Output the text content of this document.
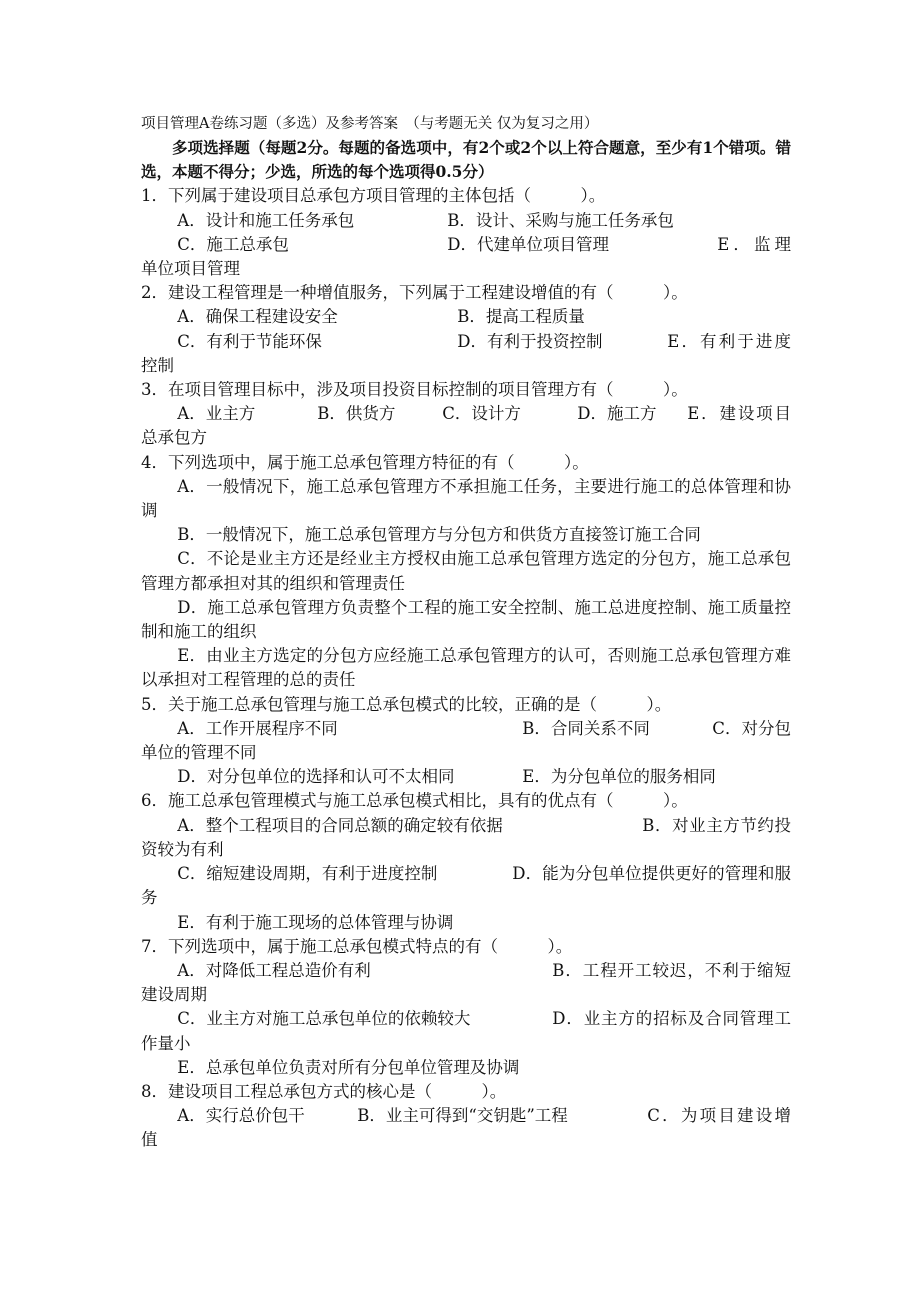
项目管理A卷练习题（多选）及参考答案　（与考题无关 仅为复习之用）

多项选择题（每题2分。每题的备选项中，有2个或2个以上符合题意，至少有1个错项。错选，本题不得分；少选，所选的每个选项得0.5分）

1．下列属于建设项目总承包方项目管理的主体包括（　　　）。

A．设计和施工任务承包	B．设计、采购与施工任务承包

C．施工总承包	D．代建单位项目管理	E．监理单位项目管理

2．建设工程管理是一种增值服务，下列属于工程建设增值的有（　　　）。

A．确保工程建设安全	B．提高工程质量

C．有利于节能环保	D．有利于投资控制	E．有利于进度控制

3．在项目管理目标中，涉及项目投资目标控制的项目管理方有（　　　）。

A．业主方	B．供货方	C．设计方	D．施工方 E．建设项目总承包方

4．下列选项中，属于施工总承包管理方特征的有（　　　）。

A．一般情况下，施工总承包管理方不承担施工任务，主要进行施工的总体管理和协调

B．一般情况下，施工总承包管理方与分包方和供货方直接签订施工合同

C．不论是业主方还是经业主方授权由施工总承包管理方选定的分包方，施工总承包管理方都承担对其的组织和管理责任

D．施工总承包管理方负责整个工程的施工安全控制、施工总进度控制、施工质量控制和施工的组织

E．由业主方选定的分包方应经施工总承包管理方的认可，否则施工总承包管理方难以承担对工程管理的总的责任

5．关于施工总承包管理与施工总承包模式的比较，正确的是（　　　）。

A．工作开展程序不同	B．合同关系不同	C．对分包单位的管理不同

D．对分包单位的选择和认可不太相同	E．为分包单位的服务相同

6．施工总承包管理模式与施工总承包模式相比，具有的优点有（　　　）。

A．整个工程项目的合同总额的确定较有依据	B．对业主方节约投资较为有利

C．缩短建设周期，有利于进度控制	D．能为分包单位提供更好的管理和服务

E．有利于施工现场的总体管理与协调

7．下列选项中，属于施工总承包模式特点的有（　　　）。

A．对降低工程总造价有利	B．工程开工较迟，不利于缩短建设周期

C．业主方对施工总承包单位的依赖较大	D．业主方的招标及合同管理工作量小

E．总承包单位负责对所有分包单位管理及协调

8．建设项目工程总承包方式的核心是（　　　）。

A．实行总价包干	B．业主可得到“交钥匙”工程	C．为项目建设增值
